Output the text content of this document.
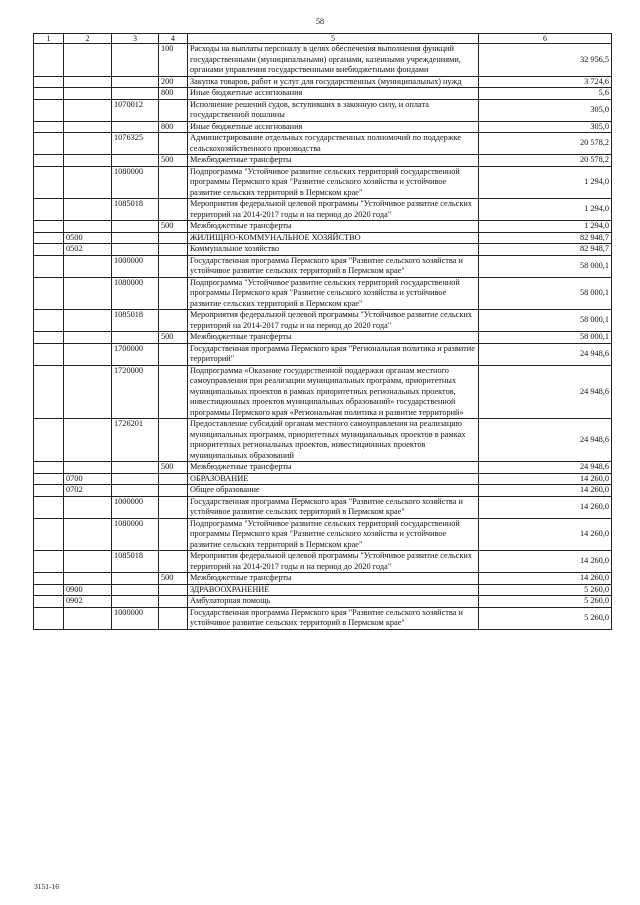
58
1	2	3	4	5	6
			100	Расходы на выплаты персоналу в целях обеспечения выполнения функций государственными (муниципальными) органами, казенными учреждениями, органами управления государственными внебюджетными фондами	32 956,5
			200	Закупка товаров, работ и услуг для государственных (муниципальных) нужд	3 724,6
			800	Иные бюджетные ассигнования	5,6
		1070012		Исполнение решений судов, вступивших в законную силу, и оплата государственной пошлины	305,0
			800	Иные бюджетные ассигнования	305,0
		1076325		Администрирование отдельных государственных полномочий по поддержке сельскохозяйственного производства	20 578,2
			500	Межбюджетные трансферты	20 578,2
		1080000		Подпрограмма "Устойчивое развитие сельских территорий государственной программы Пермского края "Развитие сельского хозяйства и устойчивое развитие сельских территорий в Пермском крае"	1 294,0
		1085018		Мероприятия федеральной целевой программы "Устойчивое развитие сельских территорий на 2014-2017 годы и на период до 2020 года"	1 294,0
			500	Межбюджетные трансферты	1 294,0
	0500			ЖИЛИЩНО-КОММУНАЛЬНОЕ ХОЗЯЙСТВО	82 948,7
	0502			Коммунальное хозяйство	82 948,7
		1000000		Государственная программа Пермского края "Развитие сельского хозяйства и устойчивое развитие сельских территорий в Пермском крае"	58 000,1
		1080000		Подпрограмма "Устойчивое развитие сельских территорий государственной программы Пермского края "Развитие сельского хозяйства и устойчивое развитие сельских территорий в Пермском крае"	58 000,1
		1085018		Мероприятия федеральной целевой программы "Устойчивое развитие сельских территорий на 2014-2017 годы и на период до 2020 года"	58 000,1
			500	Межбюджетные трансферты	58 000,1
		1700000		Государственная программа Пермского края "Региональная политика и развитие территорий"	24 948,6
		1720000		Подпрограмма «Оказание государственной поддержки органам местного самоуправления при реализации муниципальных программ, приоритетных муниципальных проектов в рамках приоритетных региональных проектов, инвестиционных проектов муниципальных образований» государственной программы Пермского края «Региональная политика и развитие территорий»	24 948,6
		1726201		Предоставление субсидий органам местного самоуправления на реализацию муниципальных программ, приоритетных муниципальных проектов в рамках приоритетных региональных проектов, инвестиционных проектов муниципальных образований	24 948,6
			500	Межбюджетные трансферты	24 948,6
	0700			ОБРАЗОВАНИЕ	14 260,0
	0702			Общее образование	14 260,0
		1000000		Государственная программа Пермского края "Развитие сельского хозяйства и устойчивое развитие сельских территорий в Пермском крае"	14 260,0
		1080000		Подпрограмма "Устойчивое развитие сельских территорий государственной программы Пермского края "Развитие сельского хозяйства и устойчивое развитие сельских территорий в Пермском крае"	14 260,0
		1085018		Мероприятия федеральной целевой программы "Устойчивое развитие сельских территорий на 2014-2017 годы и на период до 2020 года"	14 260,0
			500	Межбюджетные трансферты	14 260,0
	0900			ЗДРАВООХРАНЕНИЕ	5 260,0
	0902			Амбулаторная помощь	5 260,0
		1000000		Государственная программа Пермского края "Развитие сельского хозяйства и устойчивое развитие сельских территорий в Пермском крае"	5 260,0
3151-16
